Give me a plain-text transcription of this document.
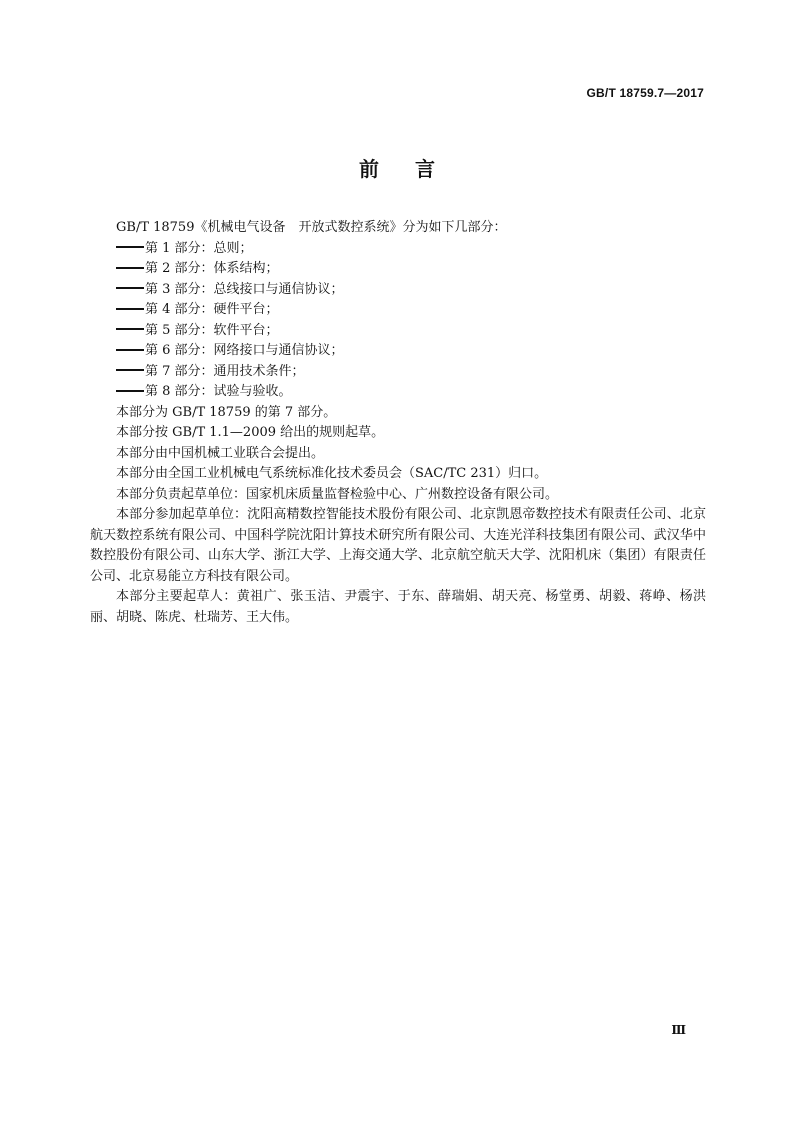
GB/T 18759.7—2017
前言

GB/T 18759《机械电气设备　开放式数控系统》分为如下几部分：

第 1 部分：总则；
第 2 部分：体系结构；
第 3 部分：总线接口与通信协议；
第 4 部分：硬件平台；
第 5 部分：软件平台；
第 6 部分：网络接口与通信协议；
第 7 部分：通用技术条件；
第 8 部分：试验与验收。

本部分为 GB/T 18759 的第 7 部分。

本部分按 GB/T 1.1—2009 给出的规则起草。

本部分由中国机械工业联合会提出。

本部分由全国工业机械电气系统标准化技术委员会（SAC/TC 231）归口。

本部分负责起草单位：国家机床质量监督检验中心、广州数控设备有限公司。

本部分参加起草单位：沈阳高精数控智能技术股份有限公司、北京凯恩帝数控技术有限责任公司、北京航天数控系统有限公司、中国科学院沈阳计算技术研究所有限公司、大连光洋科技集团有限公司、武汉华中数控股份有限公司、山东大学、浙江大学、上海交通大学、北京航空航天大学、沈阳机床（集团）有限责任公司、北京易能立方科技有限公司。

本部分主要起草人：黄祖广、张玉洁、尹震宇、于东、薛瑞娟、胡天亮、杨堂勇、胡毅、蒋峥、杨洪丽、胡晓、陈虎、杜瑞芳、王大伟。

Ⅲ
